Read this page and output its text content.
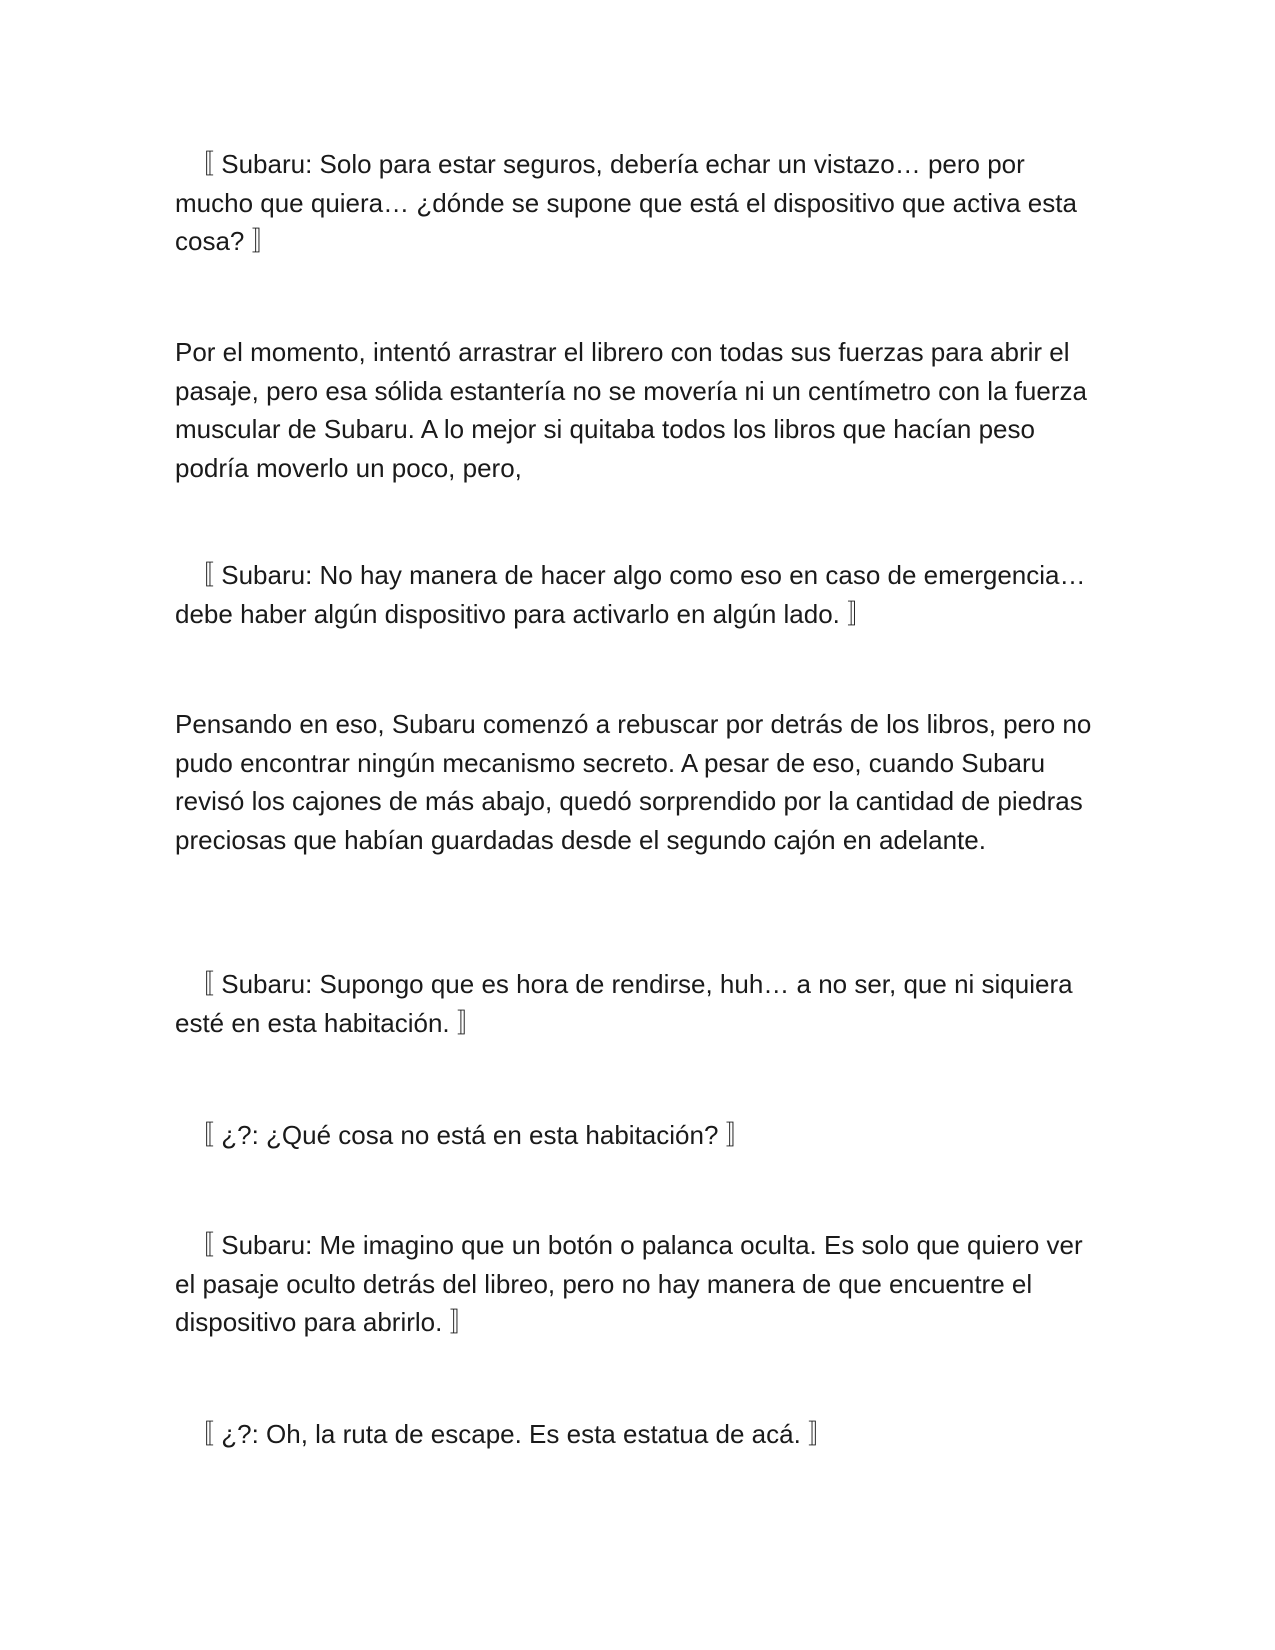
　〚 Subaru: Solo para estar seguros, debería echar un vistazo… pero por mucho que quiera… ¿dónde se supone que está el dispositivo que activa esta cosa? 〛

Por el momento, intentó arrastrar el librero con todas sus fuerzas para abrir el pasaje, pero esa sólida estantería no se movería ni un centímetro con la fuerza muscular de Subaru. A lo mejor si quitaba todos los libros que hacían peso podría moverlo un poco, pero,

　〚 Subaru: No hay manera de hacer algo como eso en caso de emergencia… debe haber algún dispositivo para activarlo en algún lado. 〛

Pensando en eso, Subaru comenzó a rebuscar por detrás de los libros, pero no pudo encontrar ningún mecanismo secreto. A pesar de eso, cuando Subaru revisó los cajones de más abajo, quedó sorprendido por la cantidad de piedras preciosas que habían guardadas desde el segundo cajón en adelante.

　〚 Subaru: Supongo que es hora de rendirse, huh… a no ser, que ni siquiera esté en esta habitación. 〛

　〚 ¿?: ¿Qué cosa no está en esta habitación? 〛

　〚 Subaru: Me imagino que un botón o palanca oculta. Es solo que quiero ver el pasaje oculto detrás del libreo, pero no hay manera de que encuentre el dispositivo para abrirlo. 〛

　〚 ¿?: Oh, la ruta de escape. Es esta estatua de acá. 〛
